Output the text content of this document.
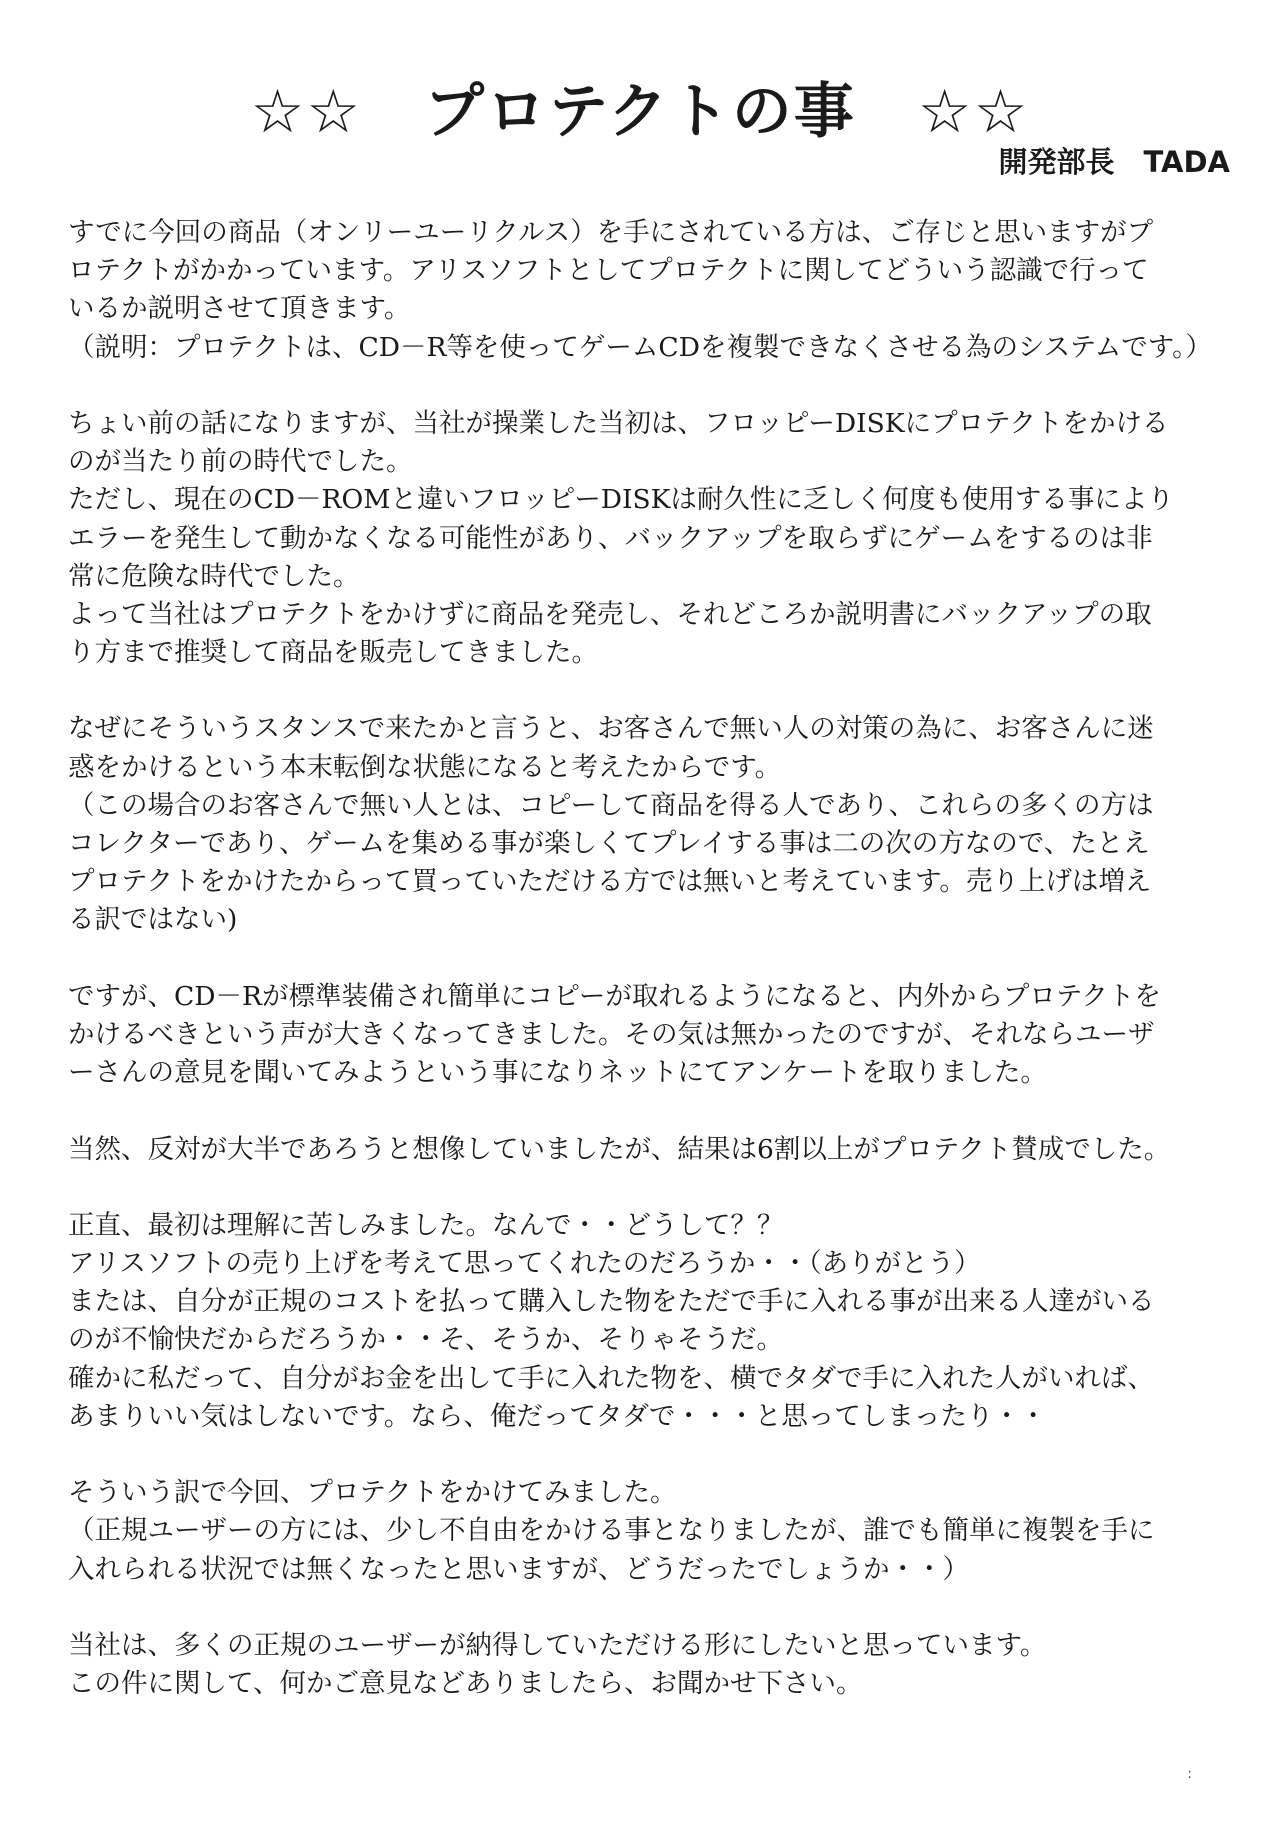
☆☆　プロテクトの事　☆☆
開発部長　TADA
すでに今回の商品（オンリーユーリクルス）を手にされている方は、ご存じと思いますがプ
ロテクトがかかっています。アリスソフトとしてプロテクトに関してどういう認識で行って
いるか説明させて頂きます。
（説明：プロテクトは、CD－R等を使ってゲームCDを複製できなくさせる為のシステムです。）
ちょい前の話になりますが、当社が操業した当初は、フロッピーDISKにプロテクトをかける
のが当たり前の時代でした。
ただし、現在のCD－ROMと違いフロッピーDISKは耐久性に乏しく何度も使用する事により
エラーを発生して動かなくなる可能性があり、バックアップを取らずにゲームをするのは非
常に危険な時代でした。
よって当社はプロテクトをかけずに商品を発売し、それどころか説明書にバックアップの取
り方まで推奨して商品を販売してきました。
なぜにそういうスタンスで来たかと言うと、お客さんで無い人の対策の為に、お客さんに迷
惑をかけるという本末転倒な状態になると考えたからです。
（この場合のお客さんで無い人とは、コピーして商品を得る人であり、これらの多くの方は
コレクターであり、ゲームを集める事が楽しくてプレイする事は二の次の方なので、たとえ
プロテクトをかけたからって買っていただける方では無いと考えています。売り上げは増え
る訳ではない)
ですが、CD－Rが標準装備され簡単にコピーが取れるようになると、内外からプロテクトを
かけるべきという声が大きくなってきました。その気は無かったのですが、それならユーザ
ーさんの意見を聞いてみようという事になりネットにてアンケートを取りました。
当然、反対が大半であろうと想像していましたが、結果は6割以上がプロテクト賛成でした。
正直、最初は理解に苦しみました。なんで・・どうして？？
アリスソフトの売り上げを考えて思ってくれたのだろうか・・（ありがとう）
または、自分が正規のコストを払って購入した物をただで手に入れる事が出来る人達がいる
のが不愉快だからだろうか・・そ、そうか、そりゃそうだ。
確かに私だって、自分がお金を出して手に入れた物を、横でタダで手に入れた人がいれば、
あまりいい気はしないです。なら、俺だってタダで・・・と思ってしまったり・・
そういう訳で今回、プロテクトをかけてみました。
（正規ユーザーの方には、少し不自由をかける事となりましたが、誰でも簡単に複製を手に
入れられる状況では無くなったと思いますが、どうだったでしょうか・・）
当社は、多くの正規のユーザーが納得していただける形にしたいと思っています。
この件に関して、何かご意見などありましたら、お聞かせ下さい。
:
